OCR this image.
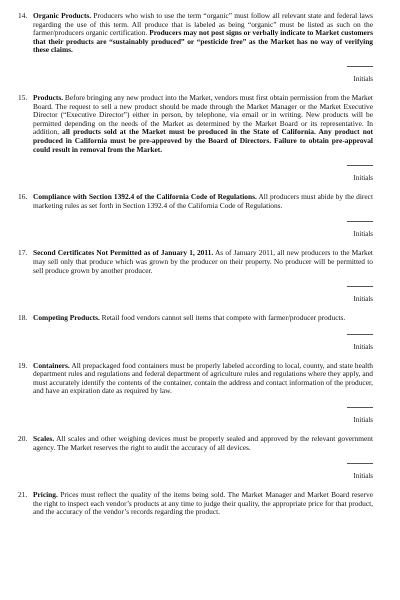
14. Organic Products. Producers who wish to use the term “organic” must follow all relevant state and federal laws regarding the use of this term. All produce that is labeled as being “organic” must be listed as such on the farmer/producers organic certification. Producers may not post signs or verbally indicate to Market customers that their products are “sustainably produced” or “pesticide free” as the Market has no way of verifying these claims.
Initials
15. Products. Before bringing any new product into the Market, vendors must first obtain permission from the Market Board. The request to sell a new product should be made through the Market Manager or the Market Executive Director (“Executive Director”) either in person, by telephone, via email or in writing. New products will be permitted depending on the needs of the Market as determined by the Market Board or its representative. In addition, all products sold at the Market must be produced in the State of California. Any product not produced in California must be pre-approved by the Board of Directors. Failure to obtain pre-approval could result in removal from the Market.
Initials
16. Compliance with Section 1392.4 of the California Code of Regulations. All producers must abide by the direct marketing rules as set forth in Section 1392.4 of the California Code of Regulations.
Initials
17. Second Certificates Not Permitted as of January 1, 2011. As of January 2011, all new producers to the Market may sell only that produce which was grown by the producer on their property. No producer will be permitted to sell produce grown by another producer.
Initials
18. Competing Products. Retail food vendors cannot sell items that compete with farmer/producer products.
Initials
19. Containers. All prepackaged food containers must be properly labeled according to local, county, and state health department rules and regulations and federal department of agriculture rules and regulations where they apply, and must accurately identify the contents of the container, contain the address and contact information of the producer, and have an expiration date as required by law.
Initials
20. Scales. All scales and other weighing devices must be properly sealed and approved by the relevant government agency. The Market reserves the right to audit the accuracy of all devices.
Initials
21. Pricing. Prices must reflect the quality of the items being sold. The Market Manager and Market Board reserve the right to inspect each vendor’s products at any time to judge their quality, the appropriate price for that product, and the accuracy of the vendor’s records regarding the product.
